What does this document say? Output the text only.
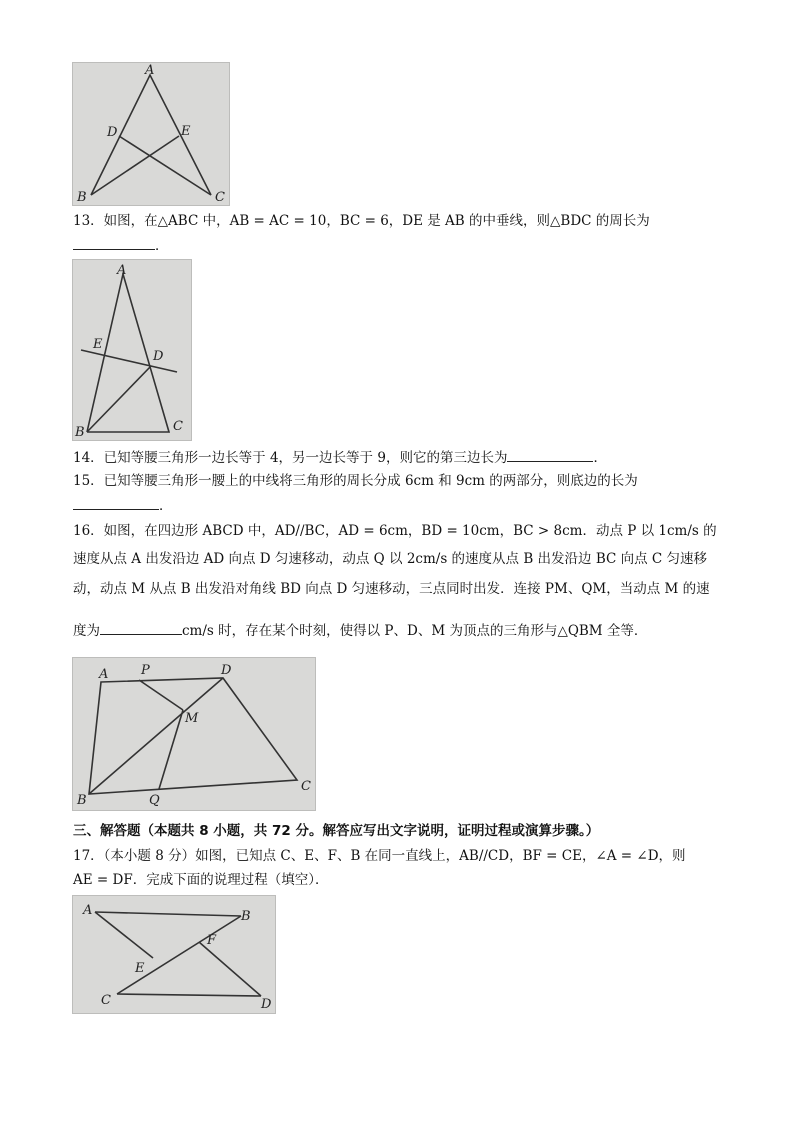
A
B	C
D	E
13．如图，在△ABC 中，AB = AC = 10，BC = 6，DE 是 AB 的中垂线，则△BDC 的周长为
．
A
B	C
D
E
14．已知等腰三角形一边长等于 4，另一边长等于 9，则它的第三边长为	．
15．已知等腰三角形一腰上的中线将三角形的周长分成 6cm 和 9cm 的两部分，则底边的长为
．
16．如图，在四边形 ABCD 中，AD//BC，AD = 6cm，BD = 10cm，BC > 8cm．动点 P 以 1cm/s 的
速度从点 A 出发沿边 AD 向点 D 匀速移动，动点 Q 以 2cm/s 的速度从点 B 出发沿边 BC 向点 C 匀速移
动，动点 M 从点 B 出发沿对角线 BD 向点 D 匀速移动，三点同时出发．连接 PM、QM，当动点 M 的速
度为	cm/s 时，存在某个时刻，使得以 P、D、M 为顶点的三角形与△QBM 全等．
A
B
C
D
P
M
Q
三、解答题（本题共 8 小题，共 72 分。解答应写出文字说明，证明过程或演算步骤。）
17．（本小题 8 分）如图，已知点 C、E、F、B 在同一直线上，AB//CD，BF = CE，∠A = ∠D，则
AE = DF．完成下面的说理过程（填空）．
A	B
C	D
E
F
